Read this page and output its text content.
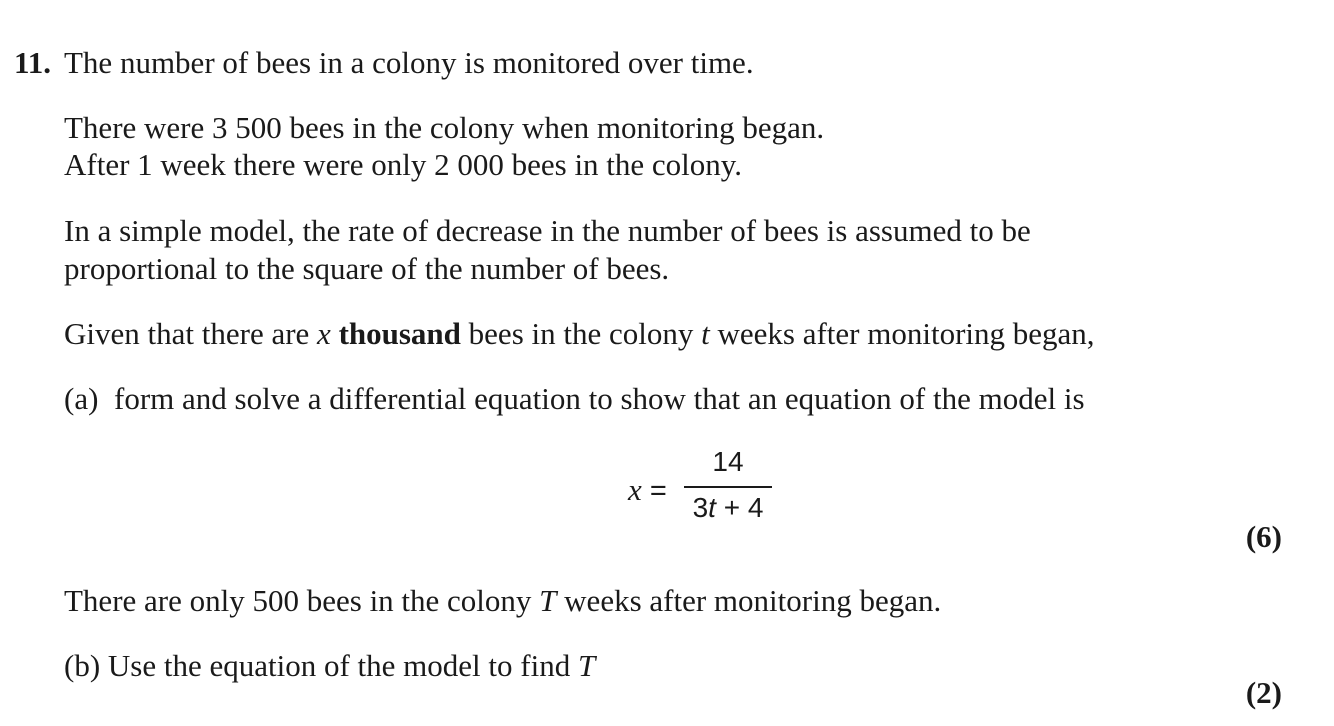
11. The number of bees in a colony is monitored over time.
There were 3 500 bees in the colony when monitoring began.
After 1 week there were only 2 000 bees in the colony.
In a simple model, the rate of decrease in the number of bees is assumed to be
proportional to the square of the number of bees.
Given that there are x thousand bees in the colony t weeks after monitoring began,
(a) form and solve a differential equation to show that an equation of the model is
x =
14
3t + 4
(6)
There are only 500 bees in the colony T weeks after monitoring began.
(b) Use the equation of the model to find T
(2)
